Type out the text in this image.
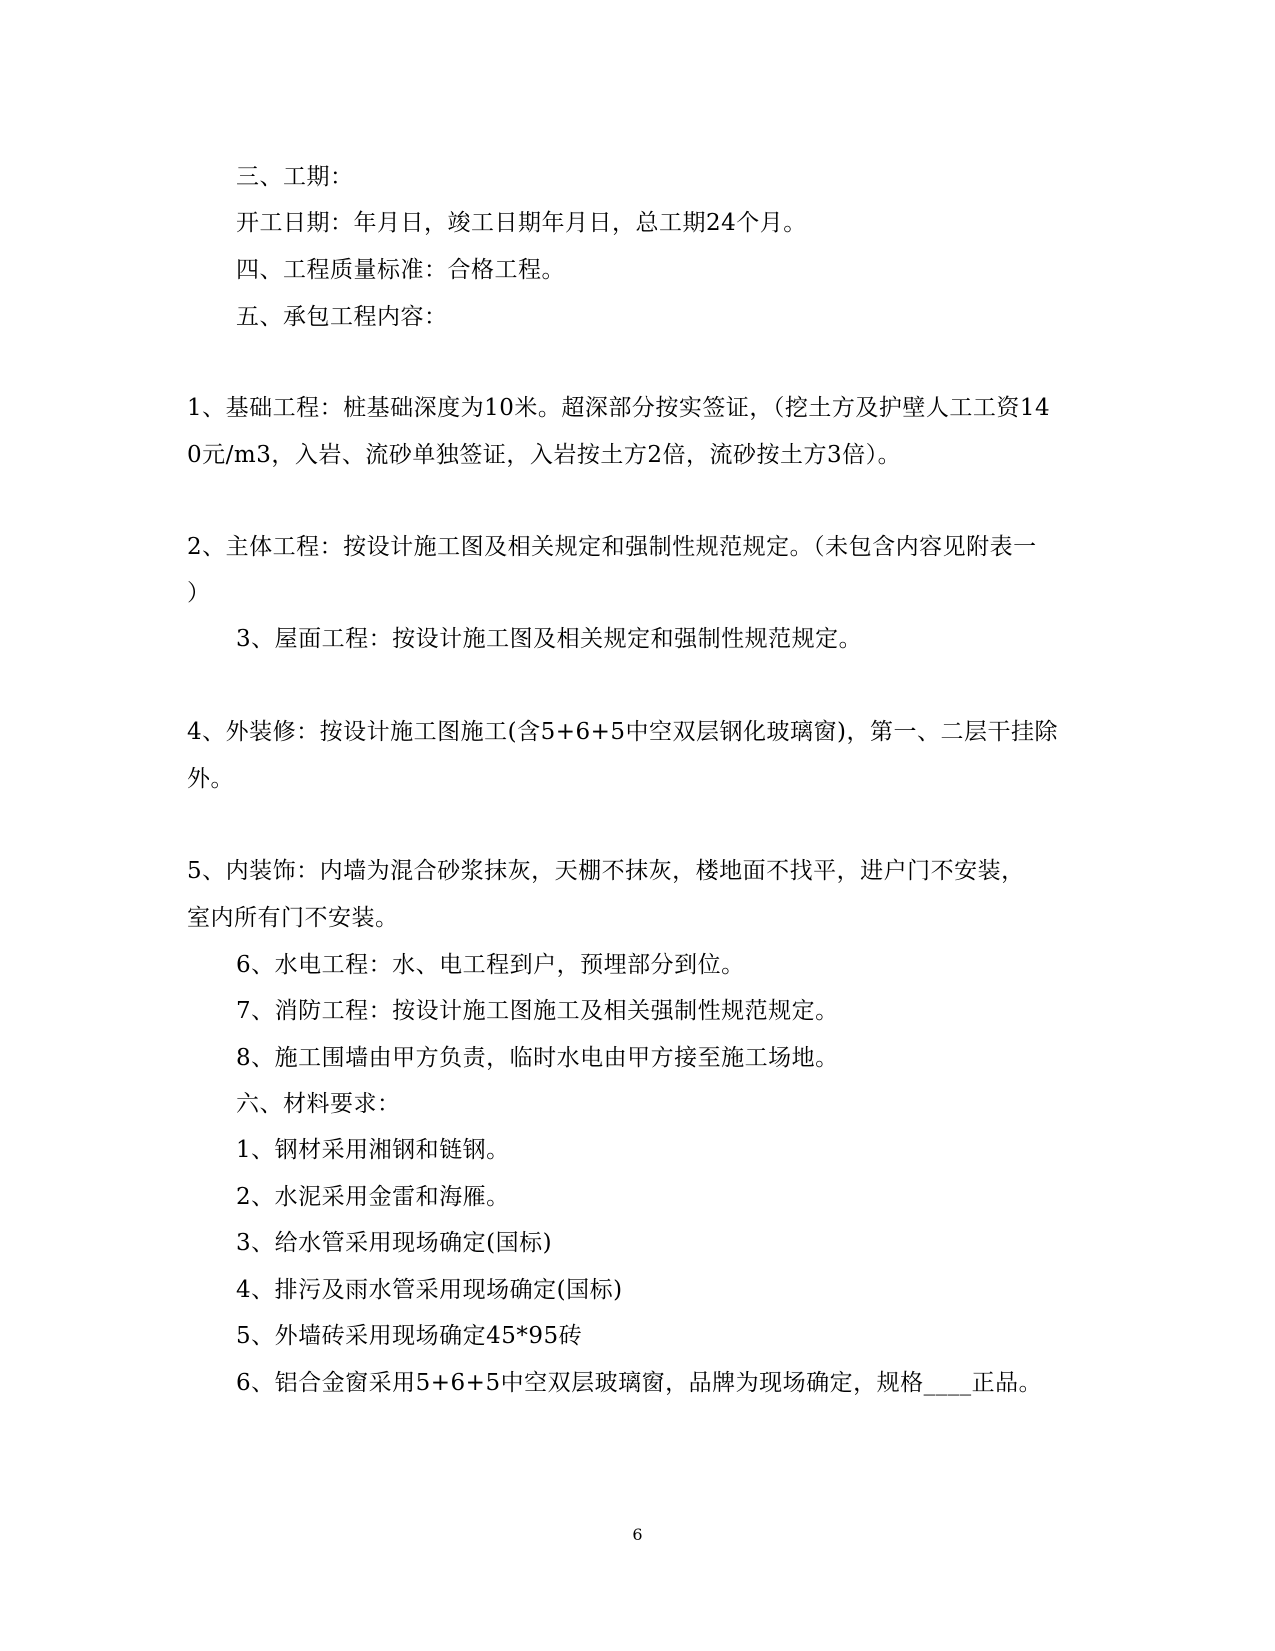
三、工期：
开工日期：年月日，竣工日期年月日，总工期24个月。
四、工程质量标准：合格工程。
五、承包工程内容：
1、基础工程：桩基础深度为10米。超深部分按实签证，（挖土方及护壁人工工资14
0元/m3，入岩、流砂单独签证，入岩按土方2倍，流砂按土方3倍）。
2、主体工程：按设计施工图及相关规定和强制性规范规定。（未包含内容见附表一
）
3、屋面工程：按设计施工图及相关规定和强制性规范规定。
4、外装修：按设计施工图施工(含5+6+5中空双层钢化玻璃窗)，第一、二层干挂除
外。
5、内装饰：内墙为混合砂浆抹灰，天棚不抹灰，楼地面不找平，进户门不安装，
室内所有门不安装。
6、水电工程：水、电工程到户，预埋部分到位。
7、消防工程：按设计施工图施工及相关强制性规范规定。
8、施工围墙由甲方负责，临时水电由甲方接至施工场地。
六、材料要求：
1、钢材采用湘钢和链钢。
2、水泥采用金雷和海雁。
3、给水管采用现场确定(国标)
4、排污及雨水管采用现场确定(国标)
5、外墙砖采用现场确定45*95砖
6、铝合金窗采用5+6+5中空双层玻璃窗，品牌为现场确定，规格____正品。
6
